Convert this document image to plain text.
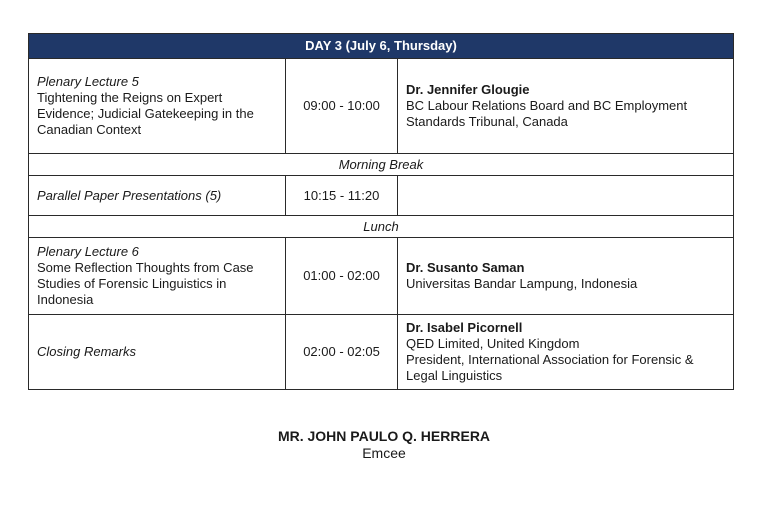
DAY 3 (July 6, Thursday)		

Plenary Lecture 5
Tightening the Reigns on Expert Evidence; Judicial Gatekeeping in the Canadian Context	09:00 - 10:00	Dr. Jennifer Glougie
BC Labour Relations Board and BC Employment Standards Tribunal, Canada

Morning Break		
Parallel Paper Presentations (5)	10:15 - 11:20	
Lunch		

Plenary Lecture 6
Some Reflection Thoughts from Case Studies of Forensic Linguistics in Indonesia	01:00 - 02:00	Dr. Susanto Saman
Universitas Bandar Lampung, Indonesia

Closing Remarks	02:00 - 02:05	Dr. Isabel Picornell
QED Limited, United Kingdom
President, International Association for Forensic & Legal Linguistics
MR. JOHN PAULO Q. HERRERA
Emcee
